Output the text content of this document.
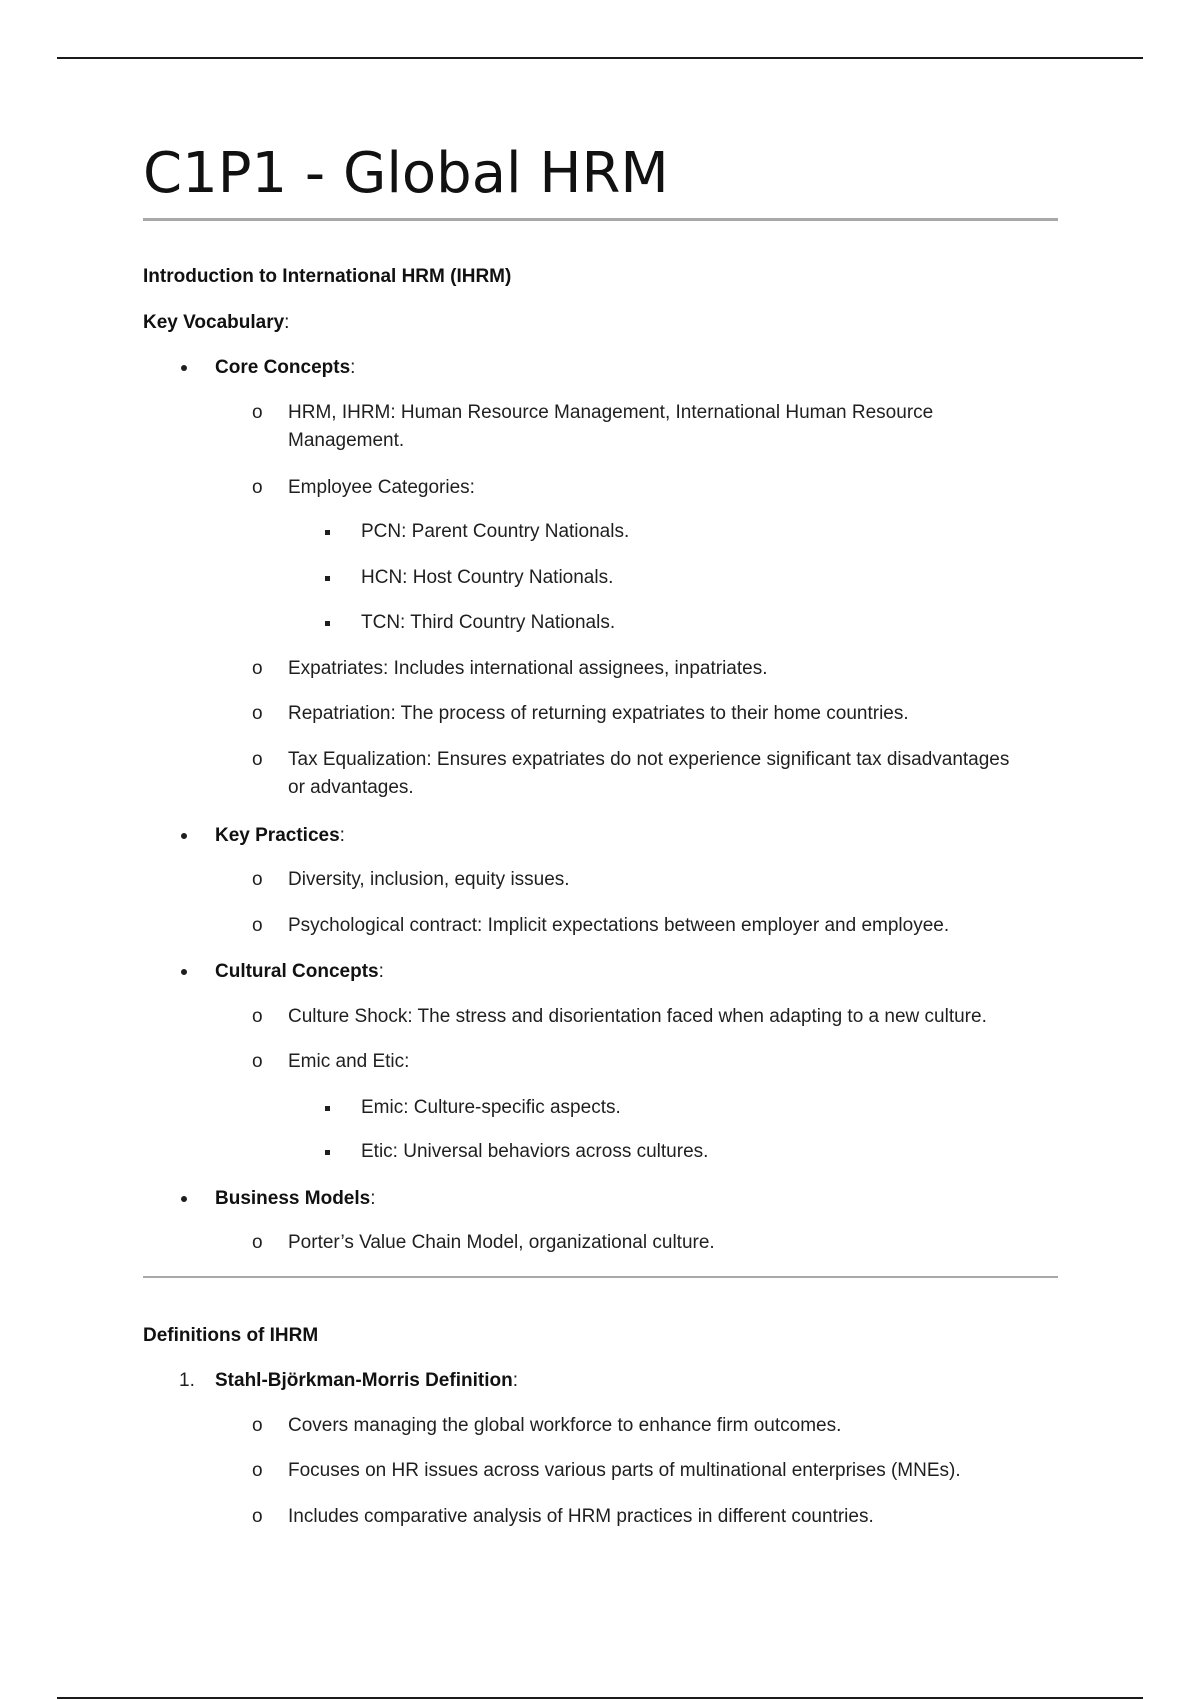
C1P1 - Global HRM
Introduction to International HRM (IHRM)
Key Vocabulary:
Core Concepts:
o HRM, IHRM: Human Resource Management, International Human Resource
Management.
o Employee Categories:
PCN: Parent Country Nationals.
HCN: Host Country Nationals.
TCN: Third Country Nationals.
o Expatriates: Includes international assignees, inpatriates.
o Repatriation: The process of returning expatriates to their home countries.
o Tax Equalization: Ensures expatriates do not experience significant tax disadvantages
or advantages.
Key Practices:
o Diversity, inclusion, equity issues.
o Psychological contract: Implicit expectations between employer and employee.
Cultural Concepts:
o Culture Shock: The stress and disorientation faced when adapting to a new culture.
o Emic and Etic:
Emic: Culture-specific aspects.
Etic: Universal behaviors across cultures.
Business Models:
o Porter’s Value Chain Model, organizational culture.
Definitions of IHRM
1. Stahl-Björkman-Morris Definition:
o Covers managing the global workforce to enhance firm outcomes.
o Focuses on HR issues across various parts of multinational enterprises (MNEs).
o Includes comparative analysis of HRM practices in different countries.
